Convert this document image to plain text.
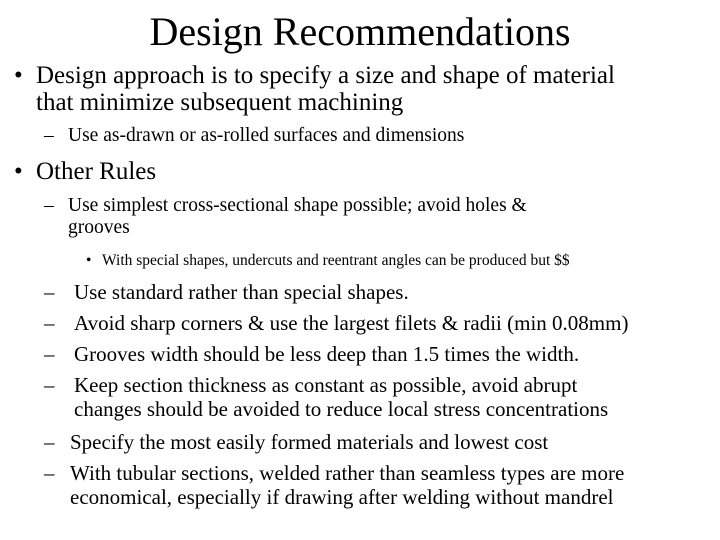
Design Recommendations
• Design approach is to specify a size and shape of material
that minimize subsequent machining
– Use as-drawn or as-rolled surfaces and dimensions
• Other Rules
– Use simplest cross-sectional shape possible; avoid holes &
grooves
• With special shapes, undercuts and reentrant angles can be produced but $$
– Use standard rather than special shapes.
– Avoid sharp corners & use the largest filets & radii (min 0.08mm)
– Grooves width should be less deep than 1.5 times the width.
– Keep section thickness as constant as possible, avoid abrupt
changes should be avoided to reduce local stress concentrations
– Specify the most easily formed materials and lowest cost
– With tubular sections, welded rather than seamless types are more
economical, especially if drawing after welding without mandrel
